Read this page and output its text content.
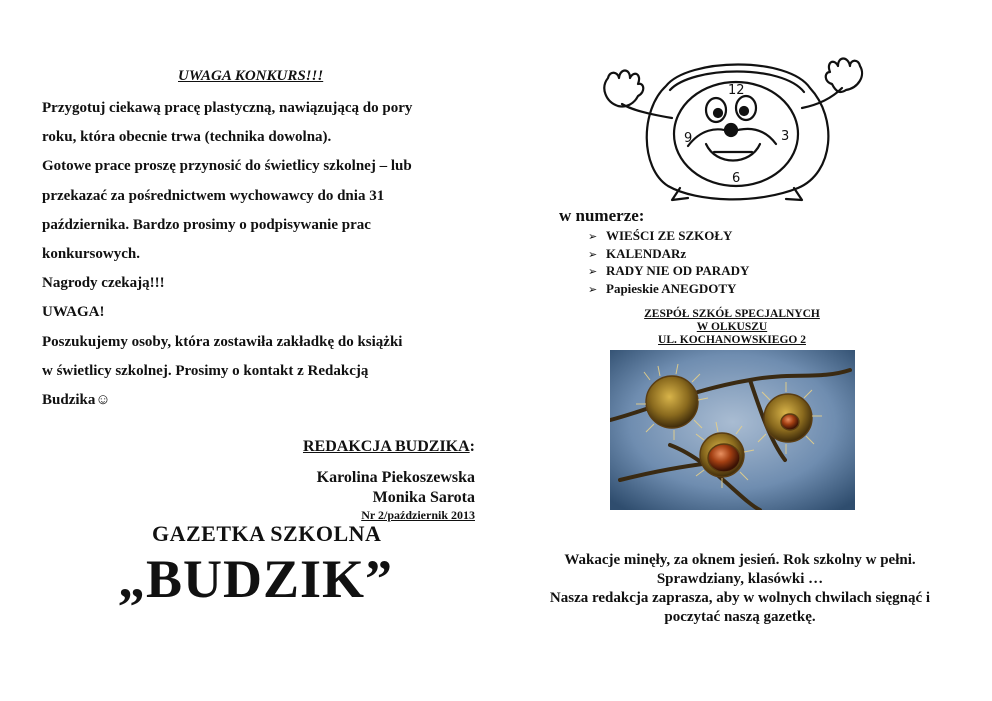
UWAGA KONKURS!!!
Przygotuj ciekawą pracę plastyczną, nawiązującą do pory
roku, która obecnie trwa (technika dowolna).
Gotowe prace proszę przynosić do świetlicy szkolnej – lub
przekazać za pośrednictwem wychowawcy do dnia 31
października. Bardzo prosimy o podpisywanie prac
konkursowych.
Nagrody czekają!!!
UWAGA!
Poszukujemy osoby, która zostawiła zakładkę do książki
w świetlicy szkolnej. Prosimy o kontakt z Redakcją
Budzika☺
REDAKCJA BUDZIKA:
Karolina Piekoszewska
Monika Sarota
Nr 2/październik 2013
GAZETKA SZKOLNA
„BUDZIK”
12
3
6
9
w numerze:
➢ WIEŚCI ZE SZKOŁY
➢ KALENDARz
➢ RADY NIE OD PARADY
➢ Papieskie ANEGDOTY
ZESPÓŁ SZKÓŁ SPECJALNYCH
W OLKUSZU
UL. KOCHANOWSKIEGO 2
Wakacje minęły, za oknem jesień. Rok szkolny w pełni.
Sprawdziany, klasówki …
Nasza redakcja zaprasza, aby w wolnych chwilach sięgnąć i
poczytać naszą gazetkę.
